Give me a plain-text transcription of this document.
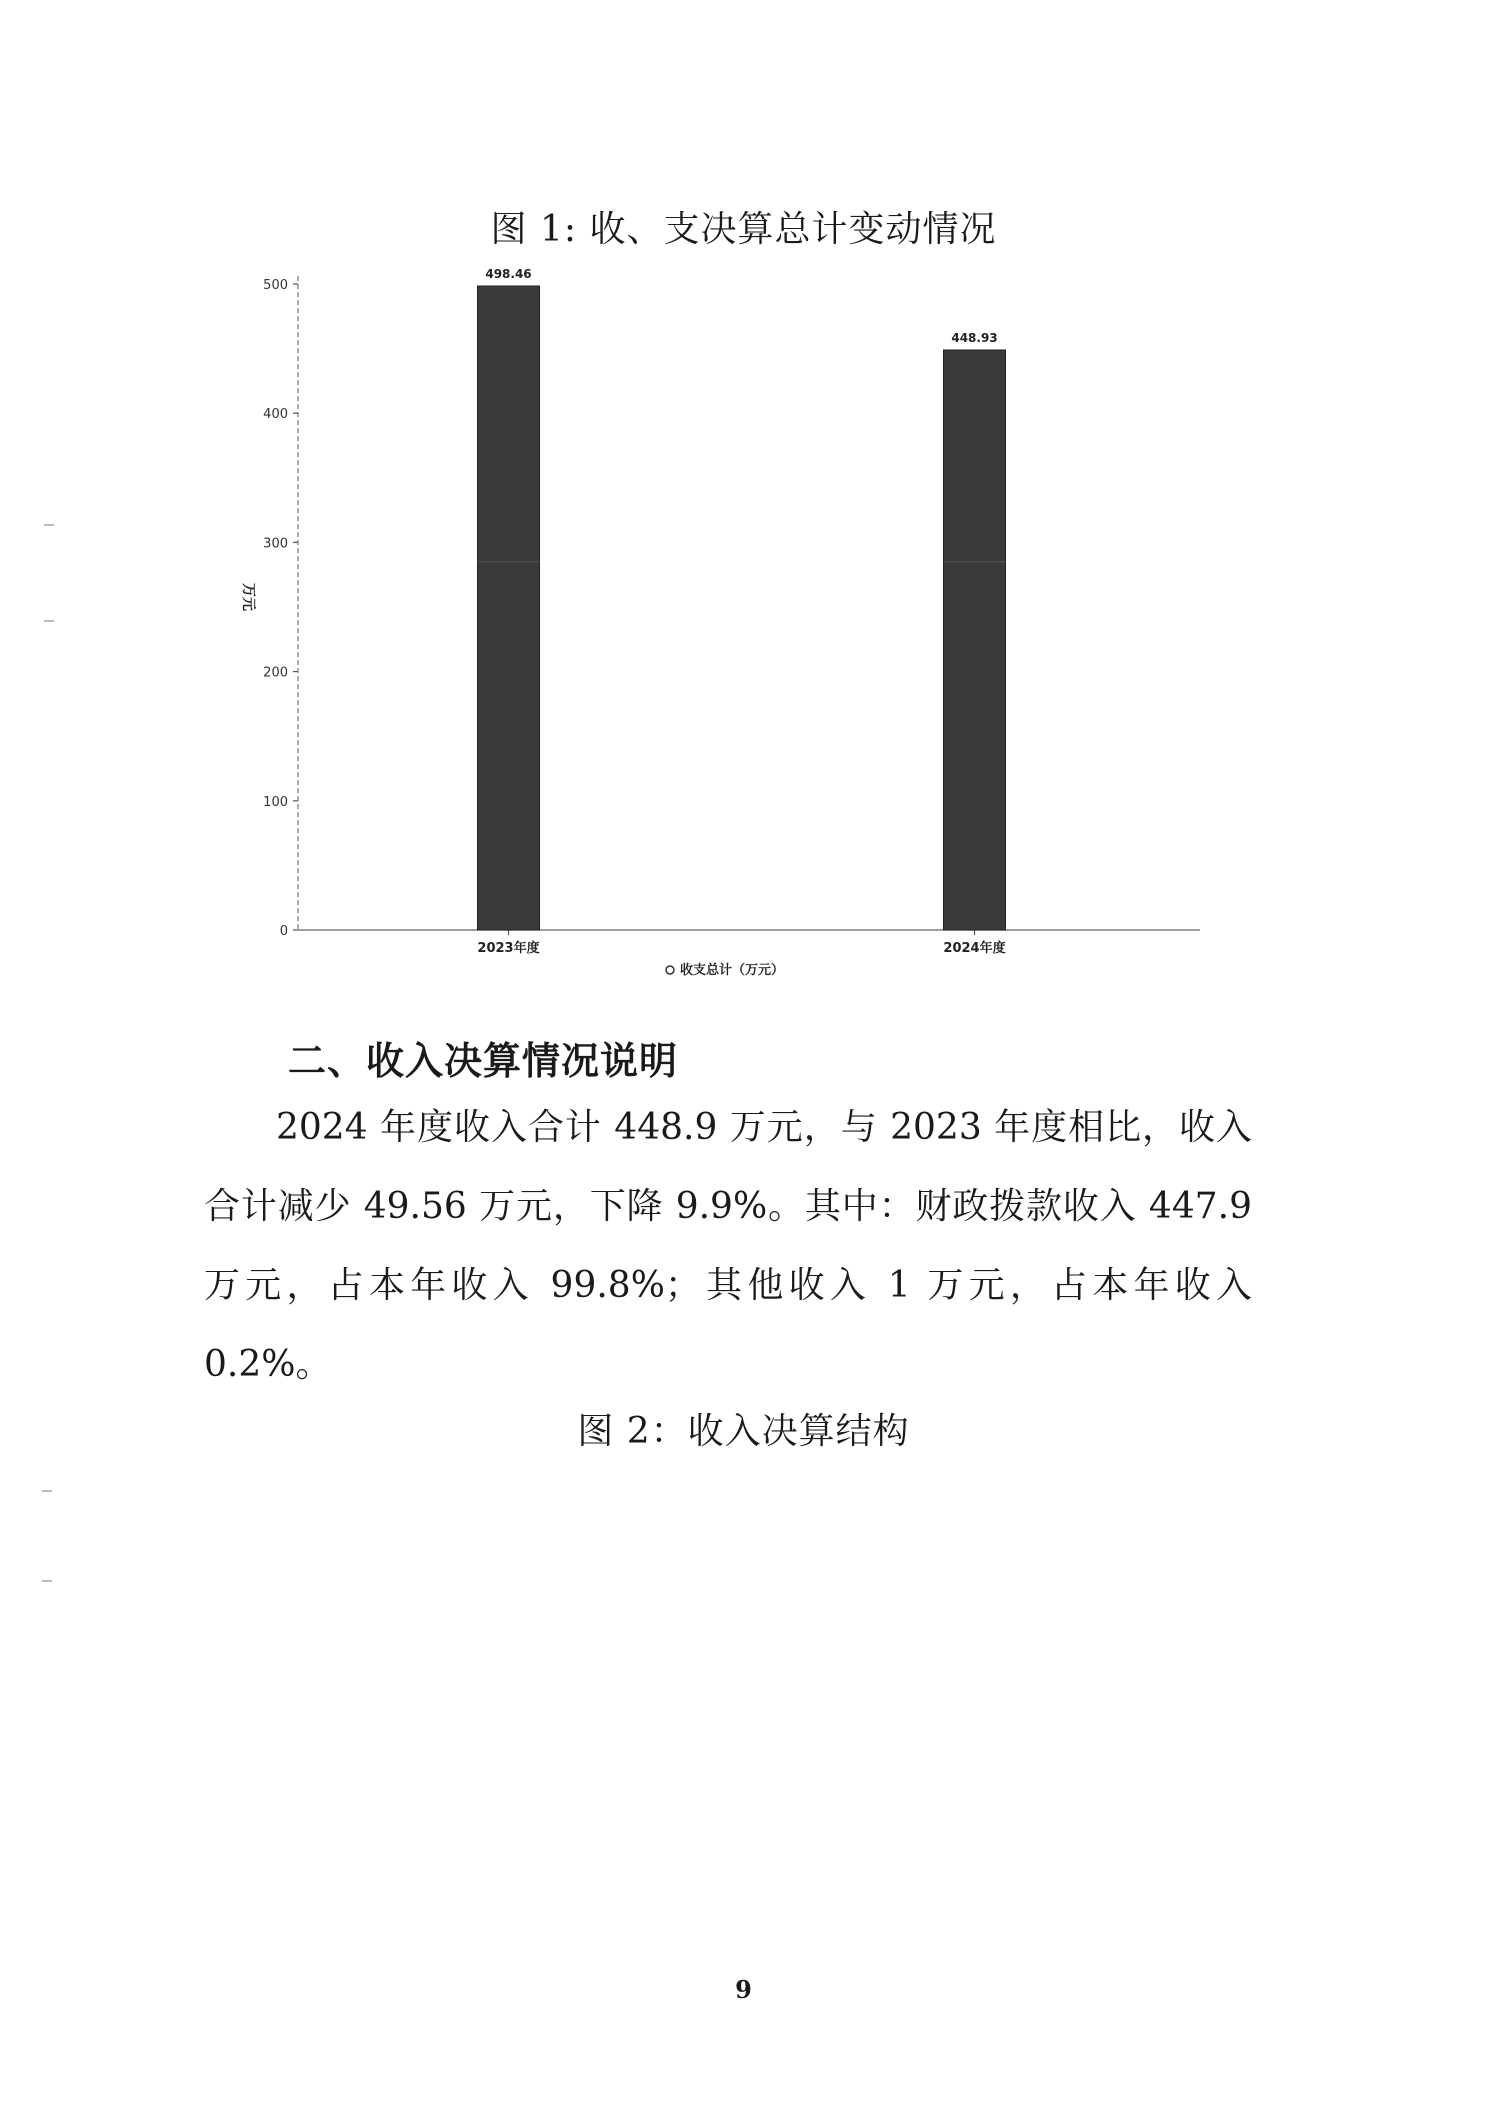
图 1: 收、支决算总计变动情况
0
100
200
300
400
500
万元
2023年度	2024年度
498.46
448.93
收支总计（万元）
二、收入决算情况说明

2024 年度收入合计 448.9 万元，与 2023 年度相比，收入合计减少 49.56 万元，下降 9.9%。其中：财政拨款收入 447.9 万元，占本年收入 99.8%；其他收入 1 万元，占本年收入 0.2%。

图 2：收入决算结构
9
